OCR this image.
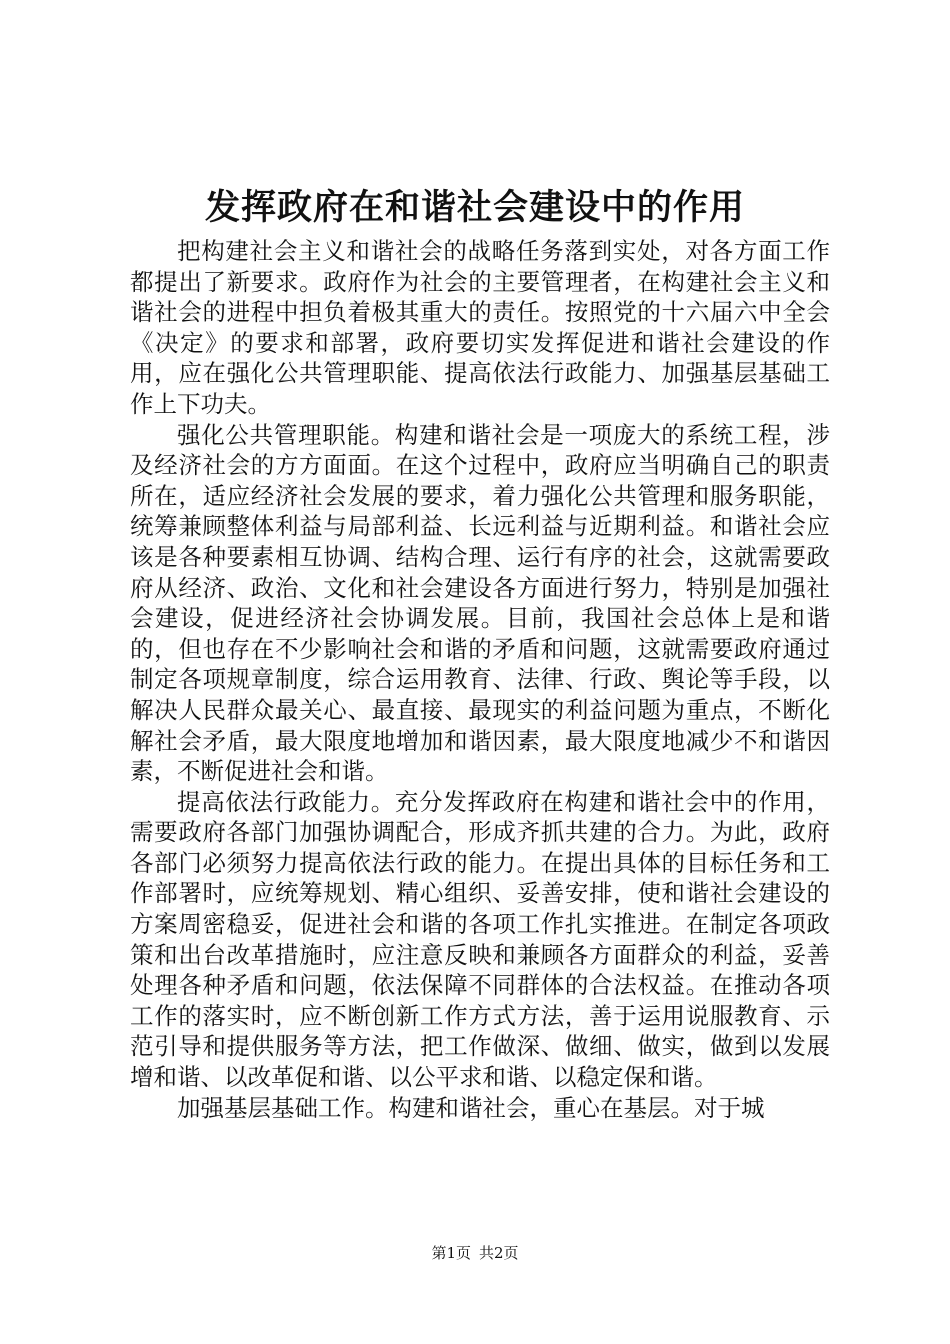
发挥政府在和谐社会建设中的作用

把构建社会主义和谐社会的战略任务落到实处，对各方面工作都提出了新要求。政府作为社会的主要管理者，在构建社会主义和谐社会的进程中担负着极其重大的责任。按照党的十六届六中全会《决定》的要求和部署，政府要切实发挥促进和谐社会建设的作用，应在强化公共管理职能、提高依法行政能力、加强基层基础工作上下功夫。

强化公共管理职能。构建和谐社会是一项庞大的系统工程，涉及经济社会的方方面面。在这个过程中，政府应当明确自己的职责所在，适应经济社会发展的要求，着力强化公共管理和服务职能，统筹兼顾整体利益与局部利益、长远利益与近期利益。和谐社会应该是各种要素相互协调、结构合理、运行有序的社会，这就需要政府从经济、政治、文化和社会建设各方面进行努力，特别是加强社会建设，促进经济社会协调发展。目前，我国社会总体上是和谐的，但也存在不少影响社会和谐的矛盾和问题，这就需要政府通过制定各项规章制度，综合运用教育、法律、行政、舆论等手段，以解决人民群众最关心、最直接、最现实的利益问题为重点，不断化解社会矛盾，最大限度地增加和谐因素，最大限度地减少不和谐因素，不断促进社会和谐。

提高依法行政能力。充分发挥政府在构建和谐社会中的作用，需要政府各部门加强协调配合，形成齐抓共建的合力。为此，政府各部门必须努力提高依法行政的能力。在提出具体的目标任务和工作部署时，应统筹规划、精心组织、妥善安排，使和谐社会建设的方案周密稳妥，促进社会和谐的各项工作扎实推进。在制定各项政策和出台改革措施时，应注意反映和兼顾各方面群众的利益，妥善处理各种矛盾和问题，依法保障不同群体的合法权益。在推动各项工作的落实时，应不断创新工作方式方法，善于运用说服教育、示范引导和提供服务等方法，把工作做深、做细、做实，做到以发展增和谐、以改革促和谐、以公平求和谐、以稳定保和谐。

加强基层基础工作。构建和谐社会，重心在基层。对于城

第1页 共2页
